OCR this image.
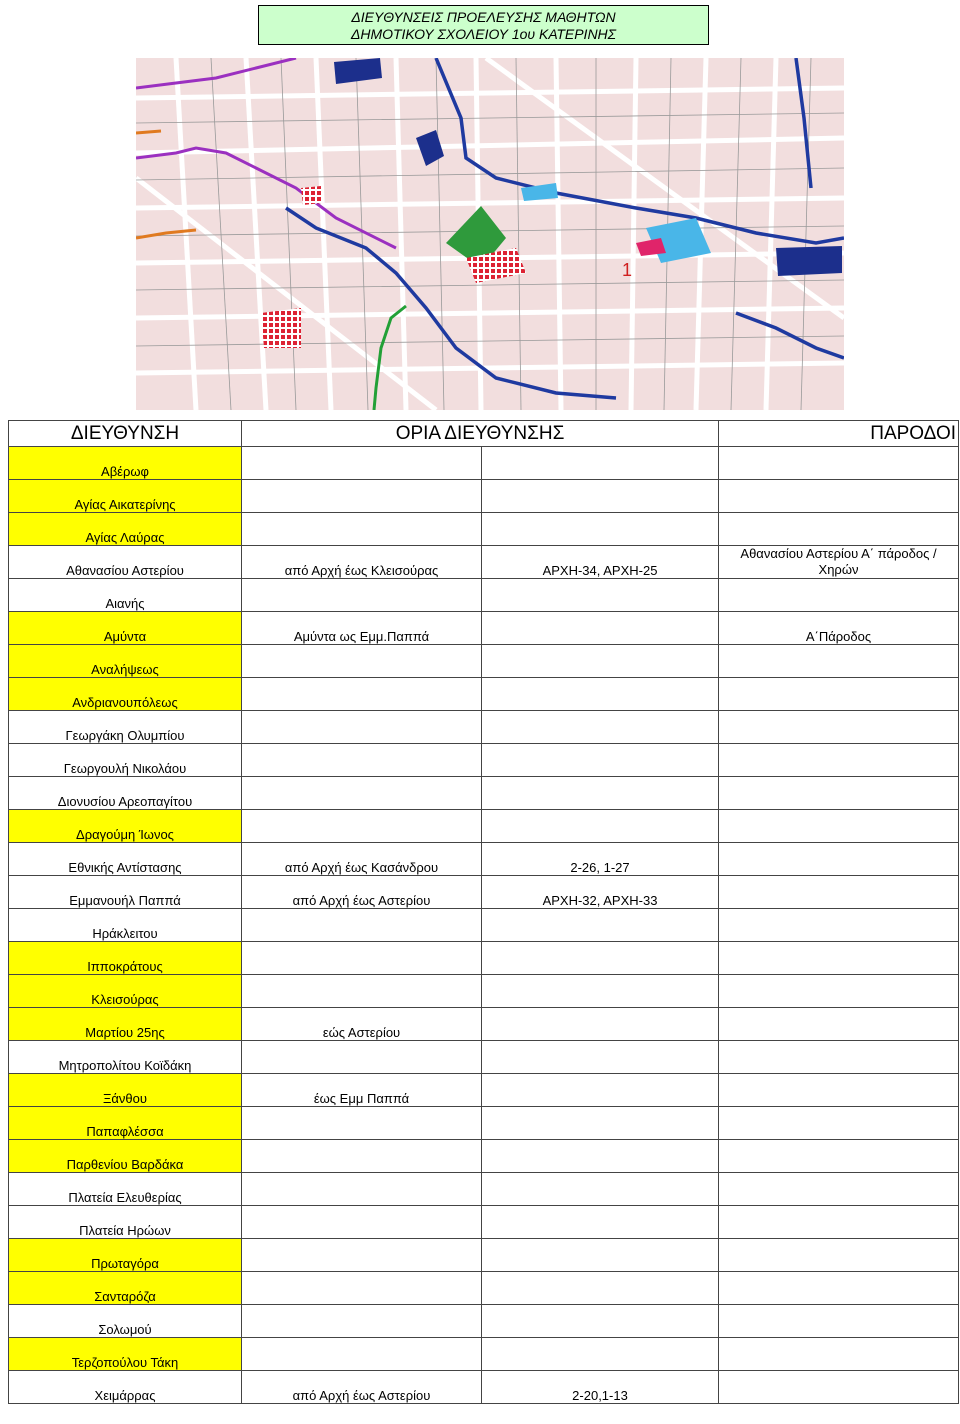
ΔΙΕΥΘΥΝΣΕΙΣ ΠΡΟΕΛΕΥΣΗΣ ΜΑΘΗΤΩΝ
ΔΗΜΟΤΙΚΟΥ ΣΧΟΛΕΙΟΥ 1ου ΚΑΤΕΡΙΝΗΣ
1
ΔΙΕΥΘΥΝΣΗ	ΟΡΙΑ ΔΙΕΥΘΥΝΣΗΣ		ΠΑΡΟΔΟΙ
Αβέρωφ			
Αγίας Αικατερίνης			
Αγίας Λαύρας			
Αθανασίου Αστερίου	από Αρχή έως Κλεισούρας	ΑΡΧΗ-34, ΑΡΧΗ-25	Αθανασίου Αστερίου Α΄ πάροδος / Χηρών
Αιανής			
Αμύντα	Αμύντα ως Εμμ.Παππά		Α΄Πάροδος
Αναλήψεως			
Ανδριανουπόλεως			
Γεωργάκη Ολυμπίου			
Γεωργουλή Νικολάου			
Διονυσίου Αρεοπαγίτου			
Δραγούμη Ίωνος			
Εθνικής Αντίστασης	από Αρχή έως Κασάνδρου	2-26, 1-27	
Εμμανουήλ Παππά	από Αρχή έως Αστερίου	ΑΡΧΗ-32, ΑΡΧΗ-33	
Ηράκλειτου			
Ιπποκράτους			
Κλεισούρας			
Μαρτίου 25ης	εώς Αστερίου		
Μητροπολίτου Κοϊδάκη			
Ξάνθου	έως Εμμ Παππά		
Παπαφλέσσα			
Παρθενίου Βαρδάκα			
Πλατεία Ελευθερίας			
Πλατεία Ηρώων			
Πρωταγόρα			
Σανταρόζα			
Σολωμού			
Τερζοπούλου Τάκη			
Χειμάρρας	από Αρχή έως Αστερίου	2-20,1-13	
